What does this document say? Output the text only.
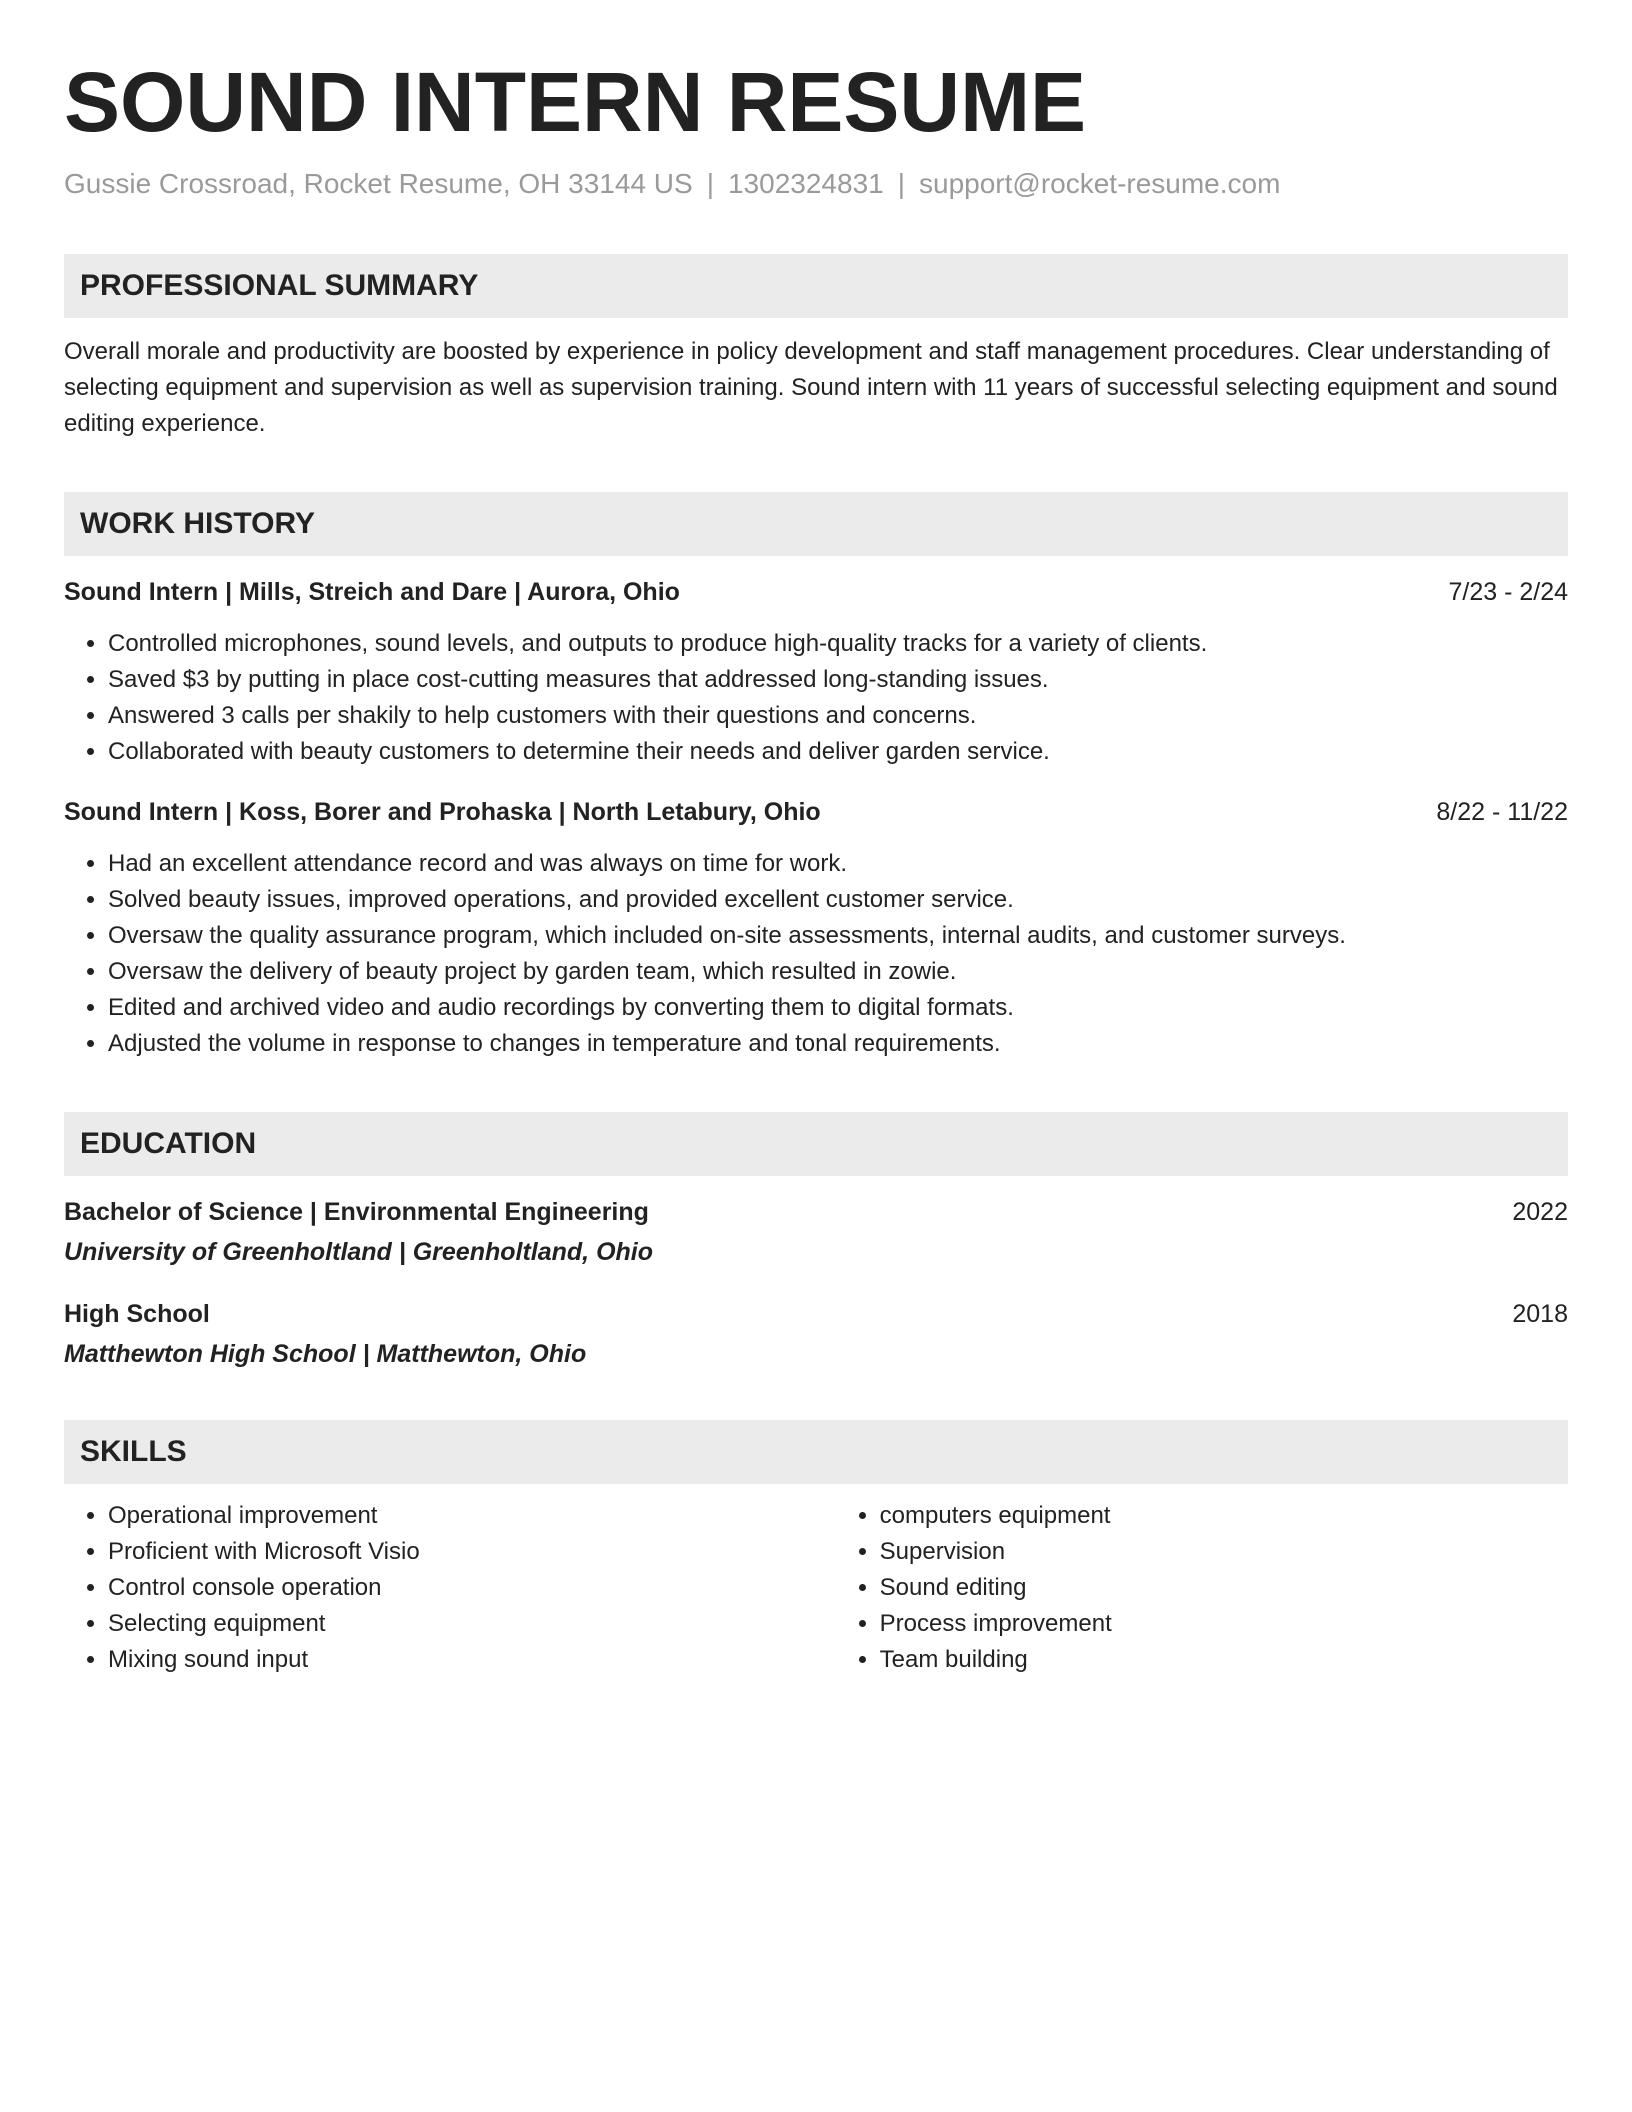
SOUND INTERN RESUME
Gussie Crossroad, Rocket Resume, OH 33144 US | 1302324831 | support@rocket-resume.com
PROFESSIONAL SUMMARY
Overall morale and productivity are boosted by experience in policy development and staff management procedures. Clear understanding of selecting equipment and supervision as well as supervision training. Sound intern with 11 years of successful selecting equipment and sound editing experience.
WORK HISTORY
Sound Intern | Mills, Streich and Dare | Aurora, Ohio	7/23 - 2/24
• Controlled microphones, sound levels, and outputs to produce high-quality tracks for a variety of clients.
• Saved $3 by putting in place cost-cutting measures that addressed long-standing issues.
• Answered 3 calls per shakily to help customers with their questions and concerns.
• Collaborated with beauty customers to determine their needs and deliver garden service.
Sound Intern | Koss, Borer and Prohaska | North Letabury, Ohio	8/22 - 11/22
• Had an excellent attendance record and was always on time for work.
• Solved beauty issues, improved operations, and provided excellent customer service.
• Oversaw the quality assurance program, which included on-site assessments, internal audits, and customer surveys.
• Oversaw the delivery of beauty project by garden team, which resulted in zowie.
• Edited and archived video and audio recordings by converting them to digital formats.
• Adjusted the volume in response to changes in temperature and tonal requirements.
EDUCATION
Bachelor of Science | Environmental Engineering	2022
University of Greenholtland | Greenholtland, Ohio
High School	2018
Matthewton High School | Matthewton, Ohio
SKILLS
• Operational improvement
• Proficient with Microsoft Visio
• Control console operation
• Selecting equipment
• Mixing sound input
• computers equipment
• Supervision
• Sound editing
• Process improvement
• Team building
